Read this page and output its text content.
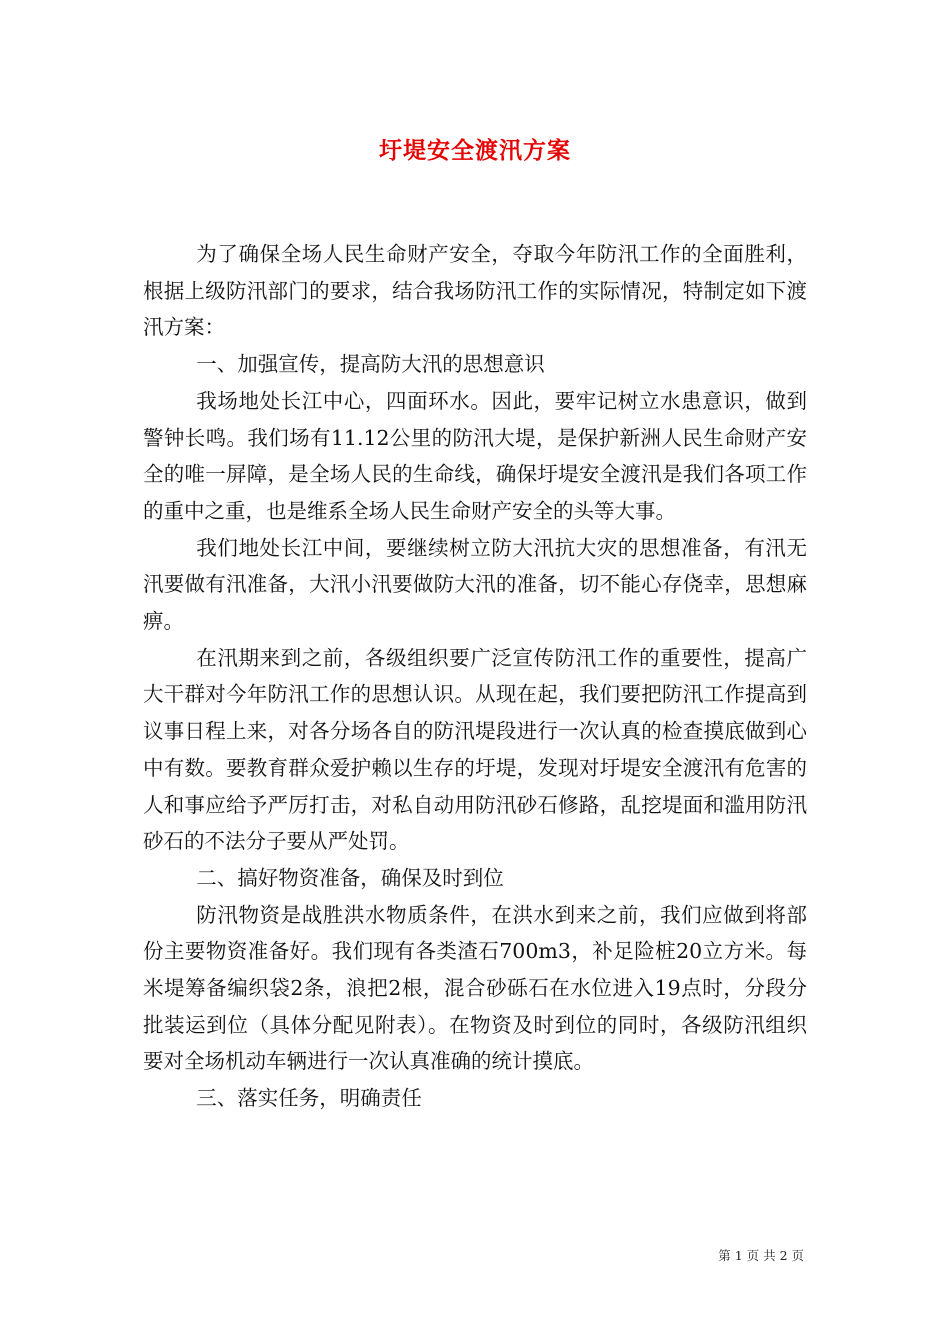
圩堤安全渡汛方案

为了确保全场人民生命财产安全，夺取今年防汛工作的全面胜利，根据上级防汛部门的要求，结合我场防汛工作的实际情况，特制定如下渡汛方案：

一、加强宣传，提高防大汛的思想意识

我场地处长江中心，四面环水。因此，要牢记树立水患意识，做到警钟长鸣。我们场有11.12公里的防汛大堤，是保护新洲人民生命财产安全的唯一屏障，是全场人民的生命线，确保圩堤安全渡汛是我们各项工作的重中之重，也是维系全场人民生命财产安全的头等大事。

我们地处长江中间，要继续树立防大汛抗大灾的思想准备，有汛无汛要做有汛准备，大汛小汛要做防大汛的准备，切不能心存侥幸，思想麻痹。

在汛期来到之前，各级组织要广泛宣传防汛工作的重要性，提高广大干群对今年防汛工作的思想认识。从现在起，我们要把防汛工作提高到议事日程上来，对各分场各自的防汛堤段进行一次认真的检查摸底做到心中有数。要教育群众爱护赖以生存的圩堤，发现对圩堤安全渡汛有危害的人和事应给予严厉打击，对私自动用防汛砂石修路，乱挖堤面和滥用防汛砂石的不法分子要从严处罚。

二、搞好物资准备，确保及时到位

防汛物资是战胜洪水物质条件，在洪水到来之前，我们应做到将部份主要物资准备好。我们现有各类渣石700m3，补足险桩20立方米。每米堤筹备编织袋2条，浪把2根，混合砂砾石在水位进入19点时，分段分批装运到位（具体分配见附表）。在物资及时到位的同时，各级防汛组织要对全场机动车辆进行一次认真准确的统计摸底。

三、落实任务，明确责任

第 1 页 共 2 页
